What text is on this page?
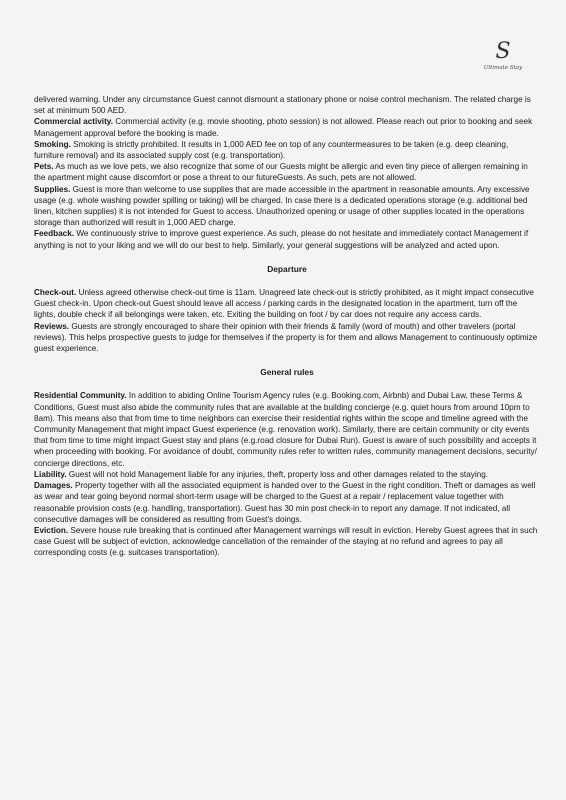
S
Ultimate Stay

delivered warning. Under any circumstance Guest cannot dismount a stationary phone or noise control mechanism. The related charge is set at minimum 500 AED.

Commercial activity. Commercial activity (e.g. movie shooting, photo session) is not allowed. Please reach out prior to booking and seek Management approval before the booking is made.

Smoking. Smoking is strictly prohibited. It results in 1,000 AED fee on top of any countermeasures to be taken (e.g. deep cleaning, furniture removal) and its associated supply cost (e.g. transportation).

Pets. As much as we love pets, we also recognize that some of our Guests might be allergic and even tiny piece of allergen remaining in the apartment might cause discomfort or pose a threat to our futureGuests. As such, pets are not allowed.

Supplies. Guest is more than welcome to use supplies that are made accessible in the apartment in reasonable amounts. Any excessive usage (e.g. whole washing powder spilling or taking) will be charged. In case there is a dedicated operations storage (e.g. additional bed linen, kitchen supplies) it is not intended for Guest to access. Unauthorized opening or usage of other supplies located in the operations storage than authorized will result in 1,000 AED charge.

Feedback. We continuously strive to improve guest experience. As such, please do not hesitate and immediately contact Management if anything is not to your liking and we will do our best to help. Similarly, your general suggestions will be analyzed and acted upon.

Departure

Check-out. Unless agreed otherwise check-out time is 11am. Unagreed late check-out is strictly prohibited, as it might impact consecutive Guest check-in. Upon check-out Guest should leave all access / parking cards in the designated location in the apartment, turn off the lights, double check if all belongings were taken, etc. Exiting the building on foot / by car does not require any access cards.

Reviews. Guests are strongly encouraged to share their opinion with their friends & family (word of mouth) and other travelers (portal reviews). This helps prospective guests to judge for themselves if the property is for them and allows Management to continuously optimize guest experience.

General rules

Residential Community. In addition to abiding Online Tourism Agency rules (e.g. Booking.com, Airbnb) and Dubai Law, these Terms & Conditions, Guest must also abide the community rules that are available at the building concierge (e.g. quiet hours from around 10pm to 8am). This means also that from time to time neighbors can exercise their residential rights within the scope and timeline agreed with the Community Management that might impact Guest experience (e.g. renovation work). Similarly, there are certain community or city events that from time to time might impact Guest stay and plans (e.g.road closure for Dubai Run). Guest is aware of such possibility and accepts it when proceeding with booking. For avoidance of doubt, community rules refer to written rules, community management decisions, security/ concierge directions, etc.

Liability. Guest will not hold Management liable for any injuries, theft, property loss and other damages related to the staying.

Damages. Property together with all the associated equipment is handed over to the Guest in the right condition. Theft or damages as well as wear and tear going beyond normal short-term usage will be charged to the Guest at a repair / replacement value together with reasonable provision costs (e.g. handling, transportation). Guest has 30 min post check-in to report any damage. If not indicated, all consecutive damages will be considered as resulting from Guest's doings.

Eviction. Severe house rule breaking that is continued after Management warnings will result in eviction. Hereby Guest agrees that in such case Guest will be subject of eviction, acknowledge cancellation of the remainder of the staying at no refund and agrees to pay all corresponding costs (e.g. suitcases transportation).
